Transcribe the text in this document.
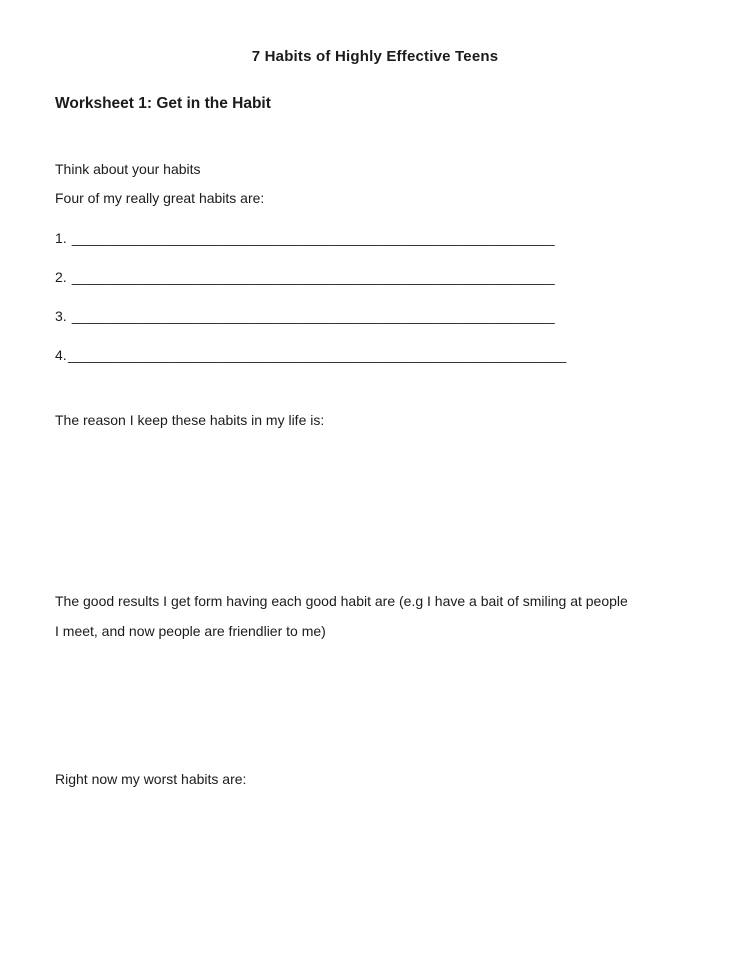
7 Habits of Highly Effective Teens
Worksheet 1: Get in the Habit
Think about your habits
Four of my really great habits are:
1. ______________________________________________________________
2. ______________________________________________________________
3. ______________________________________________________________
4.________________________________________________________________
The reason I keep these habits in my life is:
The good results I get form having each good habit are (e.g I have a bait of smiling at people
I meet, and now people are friendlier to me)
Right now my worst habits are:
